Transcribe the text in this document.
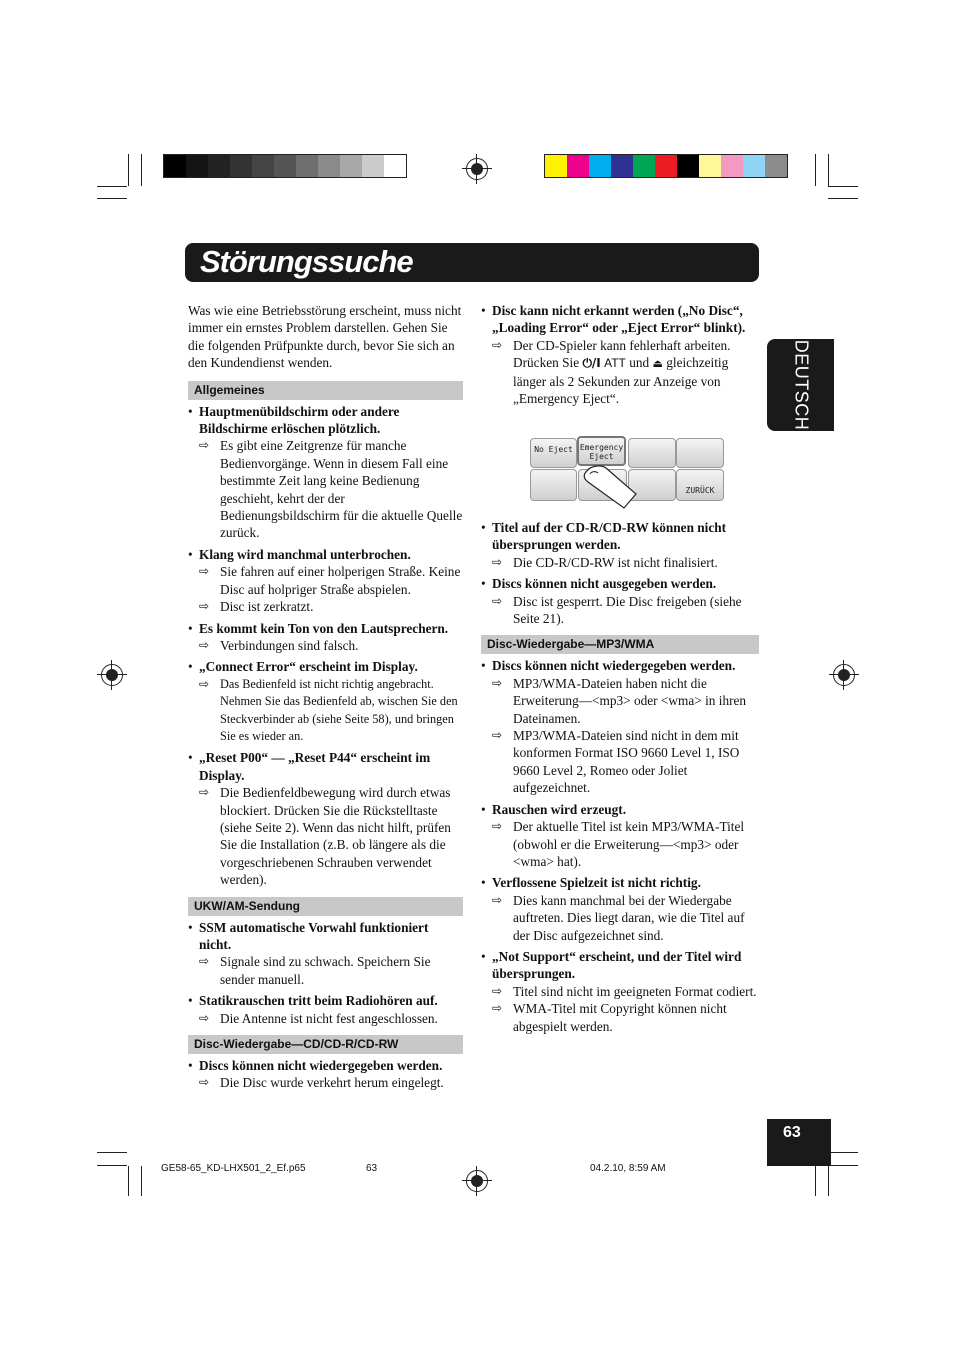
Störungssuche
DEUTSCH

Was wie eine Betriebsstörung erscheint, muss nicht immer ein ernstes Problem darstellen. Gehen Sie die folgenden Prüfpunkte durch, bevor Sie sich an den Kundendienst wenden.

Allgemeines

• Hauptmenübildschirm oder andere Bildschirme erlöschen plötzlich.
⇨ Es gibt eine Zeitgrenze für manche Bedienvorgänge. Wenn in diesem Fall eine bestimmte Zeit lang keine Bedienung geschieht, kehrt der der Bedienungsbildschirm für die aktuelle Quelle zurück.
• Klang wird manchmal unterbrochen.
⇨ Sie fahren auf einer holperigen Straße. Keine Disc auf holpriger Straße abspielen.
⇨ Disc ist zerkratzt.
• Es kommt kein Ton von den Lautsprechern.
⇨ Verbindungen sind falsch.
• „Connect Error“ erscheint im Display.
⇨ Das Bedienfeld ist nicht richtig angebracht. Nehmen Sie das Bedienfeld ab, wischen Sie den Steckverbinder ab (siehe Seite 58), und bringen Sie es wieder an.
• „Reset P00“ — „Reset P44“ erscheint im Display.
⇨ Die Bedienfeldbewegung wird durch etwas blockiert. Drücken Sie die Rückstelltaste (siehe Seite 2). Wenn das nicht hilft, prüfen Sie die Installation (z.B. ob längere als die vorgeschriebenen Schrauben verwendet werden).

UKW/AM-Sendung

• SSM automatische Vorwahl funktioniert nicht.
⇨ Signale sind zu schwach. Speichern Sie sender manuell.
• Statikrauschen tritt beim Radiohören auf.
⇨ Die Antenne ist nicht fest angeschlossen.

Disc-Wiedergabe—CD/CD-R/CD-RW

• Discs können nicht wiedergegeben werden.
⇨ Die Disc wurde verkehrt herum eingelegt.
• Disc kann nicht erkannt werden („No Disc“, „Loading Error“ oder „Eject Error“ blinkt).
⇨ Der CD-Spieler kann fehlerhaft arbeiten. Drücken Sie ⏻/I ATT und ⏏ gleichzeitig länger als 2 Sekunden zur Anzeige von „Emergency Eject“.
No Eject Emergency
Eject
ZURÜCK
• Titel auf der CD-R/CD-RW können nicht übersprungen werden.
⇨ Die CD-R/CD-RW ist nicht finalisiert.
• Discs können nicht ausgegeben werden.
⇨ Disc ist gesperrt. Die Disc freigeben (siehe Seite 21).

Disc-Wiedergabe—MP3/WMA

• Discs können nicht wiedergegeben werden.
⇨ MP3/WMA-Dateien haben nicht die Erweiterung—<mp3> oder <wma> in ihren Dateinamen.
⇨ MP3/WMA-Dateien sind nicht in dem mit konformen Format ISO 9660 Level 1, ISO 9660 Level 2, Romeo oder Joliet aufgezeichnet.
• Rauschen wird erzeugt.
⇨ Der aktuelle Titel ist kein MP3/WMA-Titel (obwohl er die Erweiterung—<mp3> oder <wma> hat).
• Verflossene Spielzeit ist nicht richtig.
⇨ Dies kann manchmal bei der Wiedergabe auftreten. Dies liegt daran, wie die Titel auf der Disc aufgezeichnet sind.
• „Not Support“ erscheint, und der Titel wird übersprungen.
⇨ Titel sind nicht im geeigneten Format codiert.
⇨ WMA-Titel mit Copyright können nicht abgespielt werden.
63
GE58-65_KD-LHX501_2_Ef.p65	63	04.2.10, 8:59 AM
